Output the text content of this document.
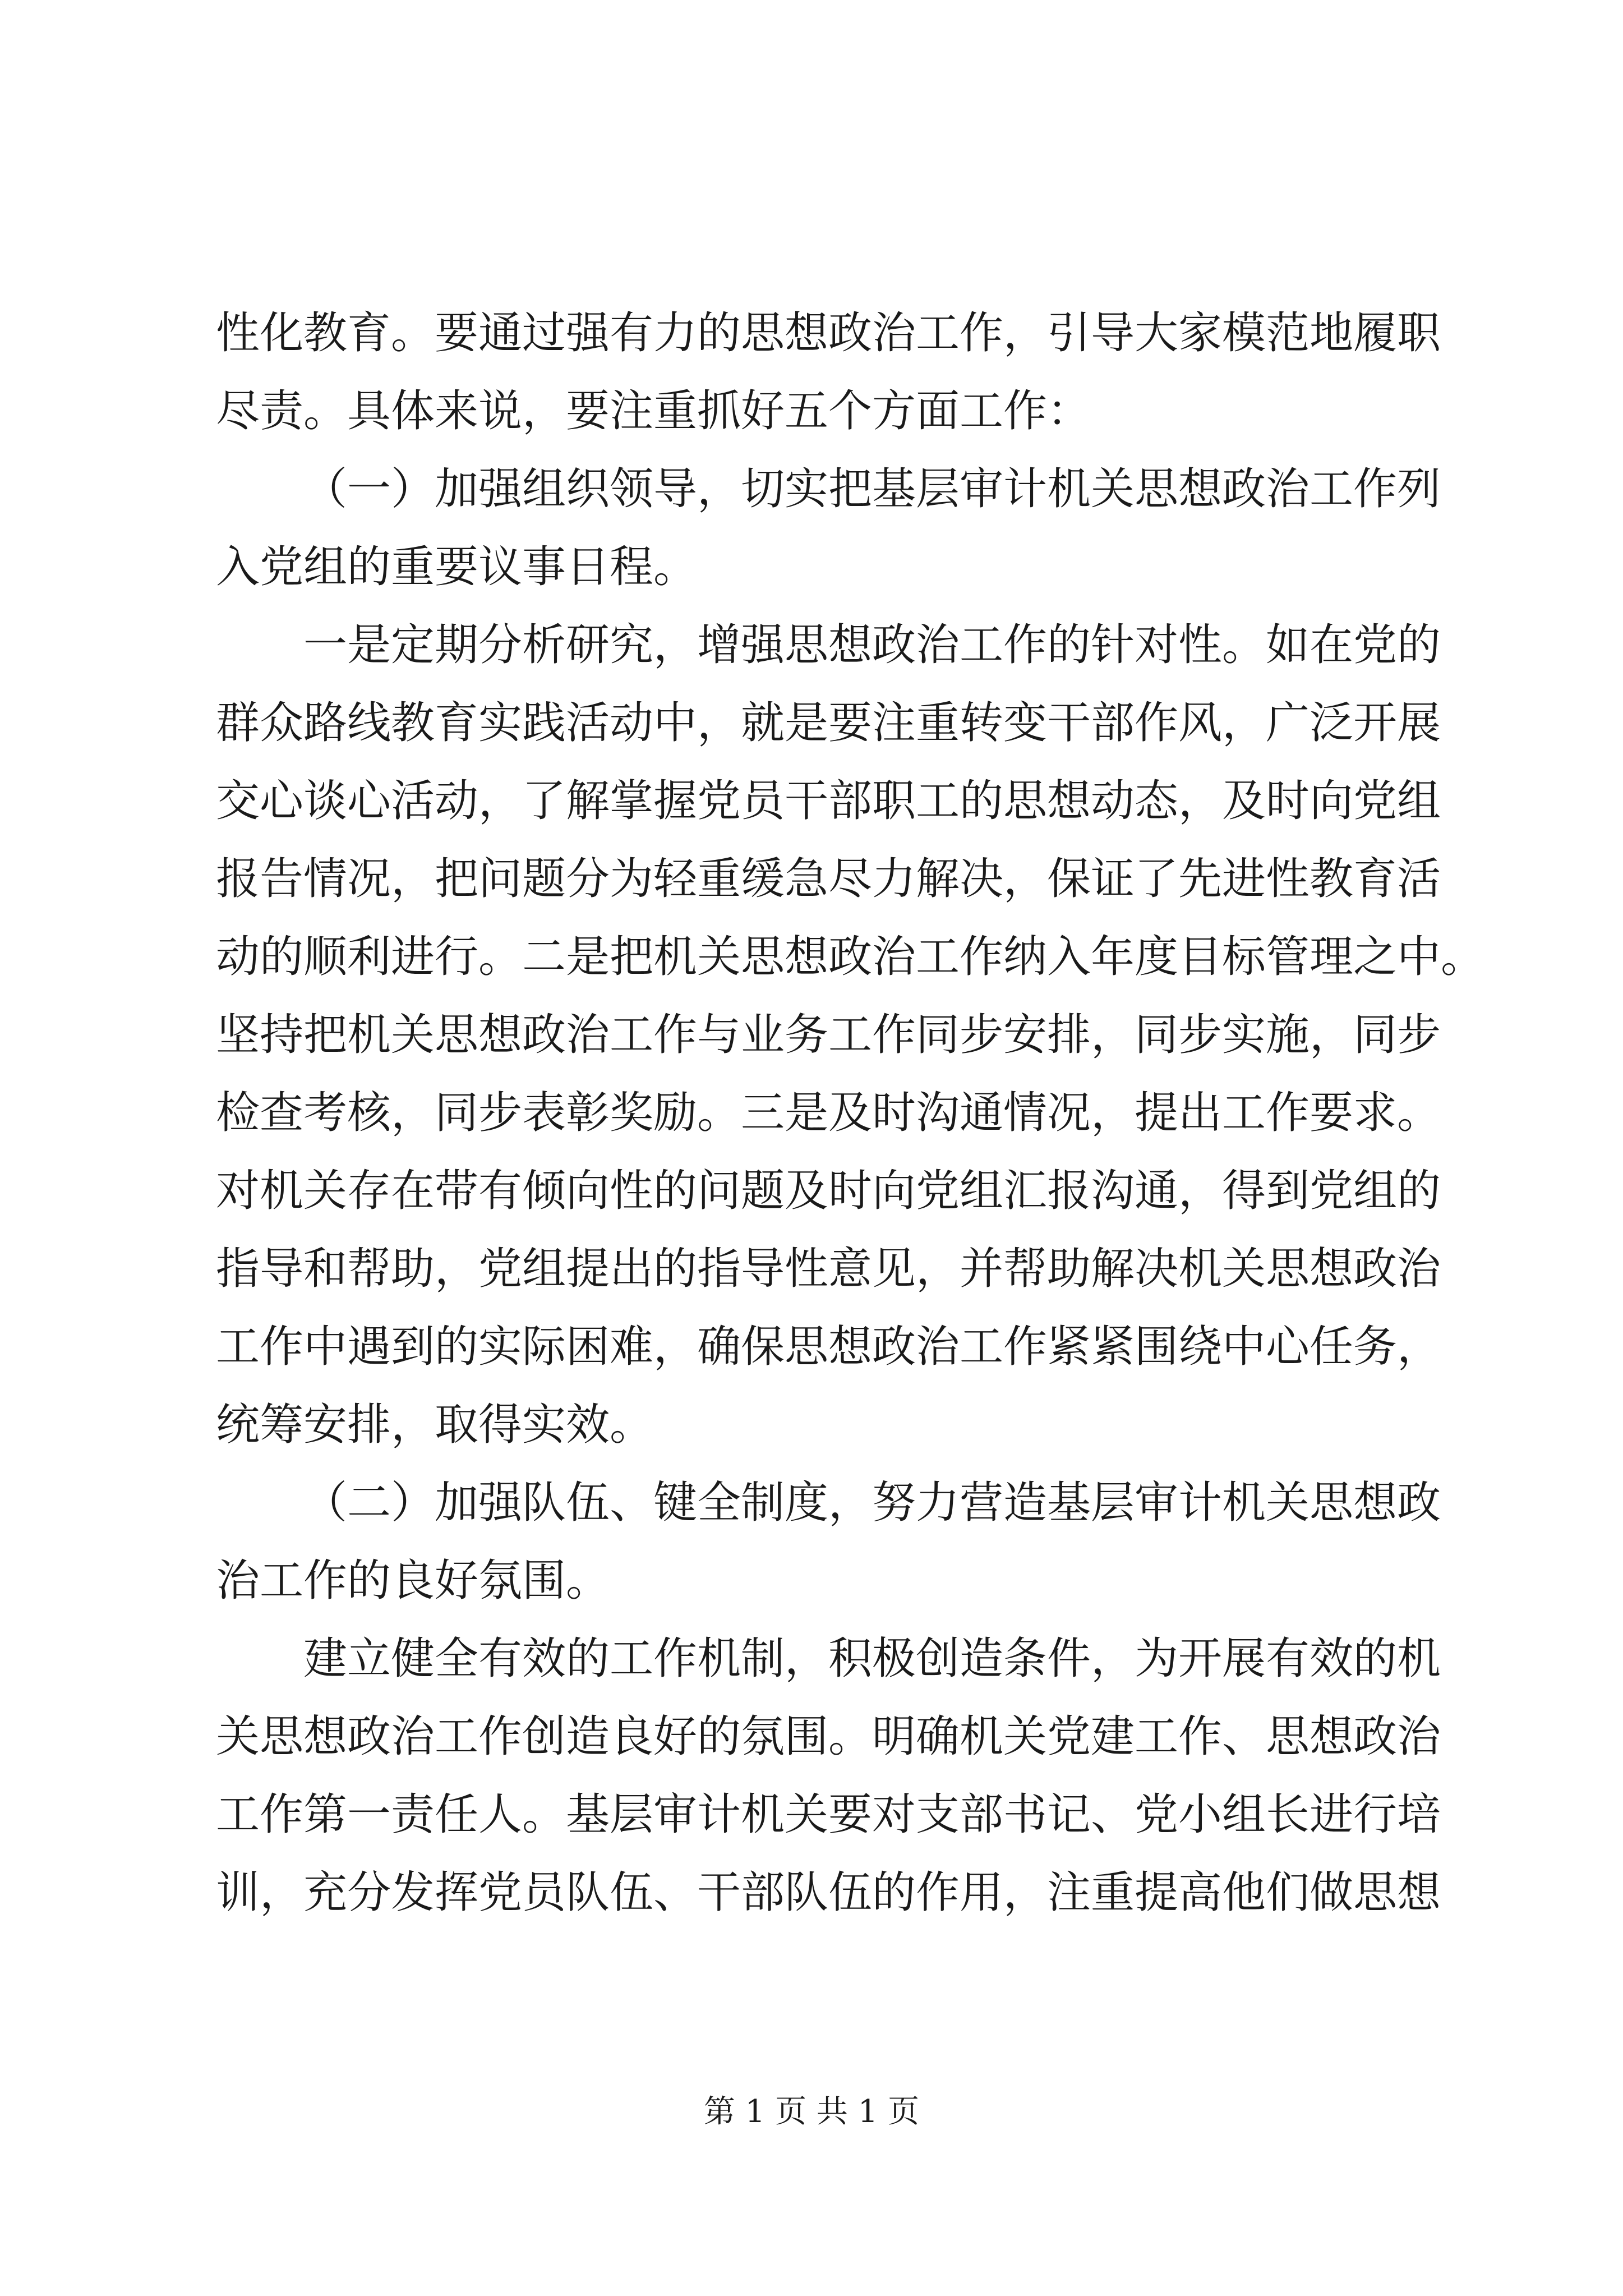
性化教育。要通过强有力的思想政治工作，引导大家模范地履职
尽责。具体来说，要注重抓好五个方面工作：
（一）加强组织领导，切实把基层审计机关思想政治工作列
入党组的重要议事日程。
一是定期分析研究，增强思想政治工作的针对性。如在党的
群众路线教育实践活动中，就是要注重转变干部作风，广泛开展
交心谈心活动，了解掌握党员干部职工的思想动态，及时向党组
报告情况，把问题分为轻重缓急尽力解决，保证了先进性教育活
动的顺利进行。二是把机关思想政治工作纳入年度目标管理之中。
坚持把机关思想政治工作与业务工作同步安排，同步实施，同步
检查考核，同步表彰奖励。三是及时沟通情况，提出工作要求。
对机关存在带有倾向性的问题及时向党组汇报沟通，得到党组的
指导和帮助，党组提出的指导性意见，并帮助解决机关思想政治
工作中遇到的实际困难，确保思想政治工作紧紧围绕中心任务，
统筹安排，取得实效。
（二）加强队伍、键全制度，努力营造基层审计机关思想政
治工作的良好氛围。
建立健全有效的工作机制，积极创造条件，为开展有效的机
关思想政治工作创造良好的氛围。明确机关党建工作、思想政治
工作第一责任人。基层审计机关要对支部书记、党小组长进行培
训，充分发挥党员队伍、干部队伍的作用，注重提高他们做思想
第 1 页 共 1 页
